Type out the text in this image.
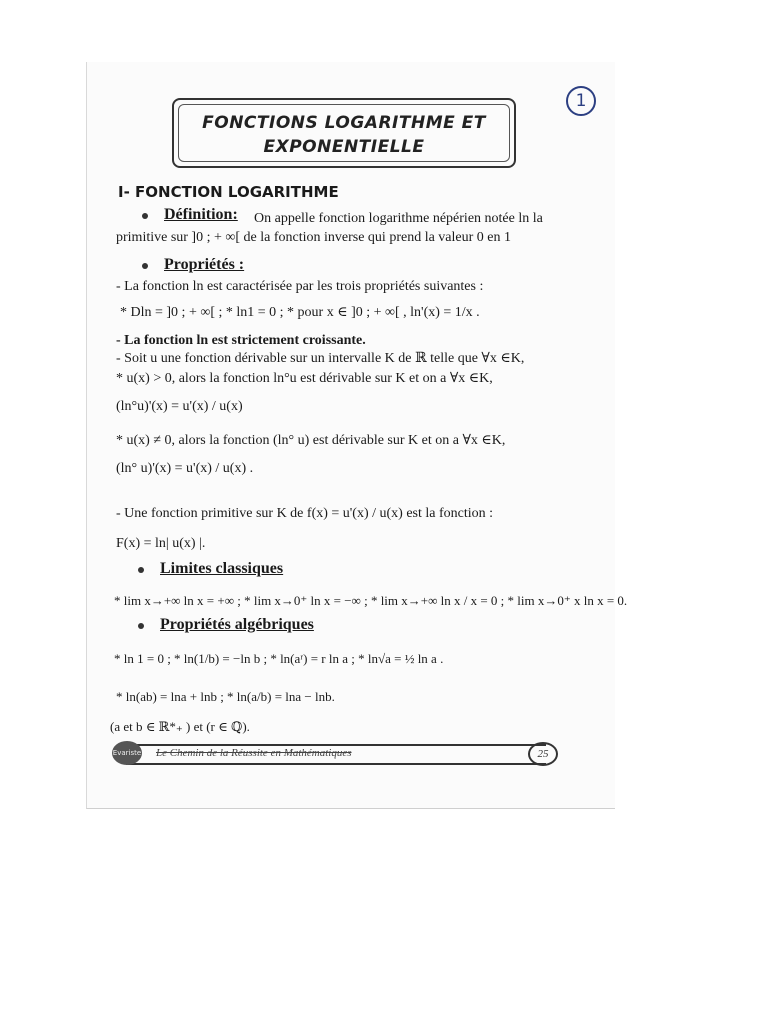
1
FONCTIONS LOGARITHME ET
EXPONENTIELLE
I- FONCTION LOGARITHME
Définition: On appelle fonction logarithme népérien notée ln la
primitive sur ]0 ; + ∞[ de la fonction inverse qui prend la valeur 0 en 1
Propriétés :
- La fonction ln est caractérisée par les trois propriétés suivantes :
* Dln = ]0 ; + ∞[ ; * ln1 = 0 ; * pour x ∈ ]0 ; + ∞[ , ln'(x) = 1/x .
- La fonction ln est strictement croissante.
- Soit u une fonction dérivable sur un intervalle K de ℝ telle que ∀x ∈K,
* u(x) > 0, alors la fonction ln°u est dérivable sur K et on a ∀x ∈K,
(ln°u)'(x) = u'(x) / u(x)
* u(x) ≠ 0, alors la fonction (ln° u) est dérivable sur K et on a ∀x ∈K,
(ln° u)'(x) = u'(x) / u(x) .
- Une fonction primitive sur K de f(x) = u'(x) / u(x) est la fonction :
F(x) = ln| u(x) |.
Limites classiques
* lim x→+∞ ln x = +∞ ; * lim x→0⁺ ln x = −∞ ; * lim x→+∞ ln x / x = 0 ; * lim x→0⁺ x ln x = 0.
Propriétés algébriques
* ln 1 = 0 ; * ln(1/b) = −ln b ; * ln(aʳ) = r ln a ; * ln√a = ½ ln a .
* ln(ab) = lna + lnb ; * ln(a/b) = lna − lnb.
(a et b ∈ ℝ*₊ ) et (r ∈ ℚ).
Evariste Le Chemin de la Réussite en Mathématiques	25
